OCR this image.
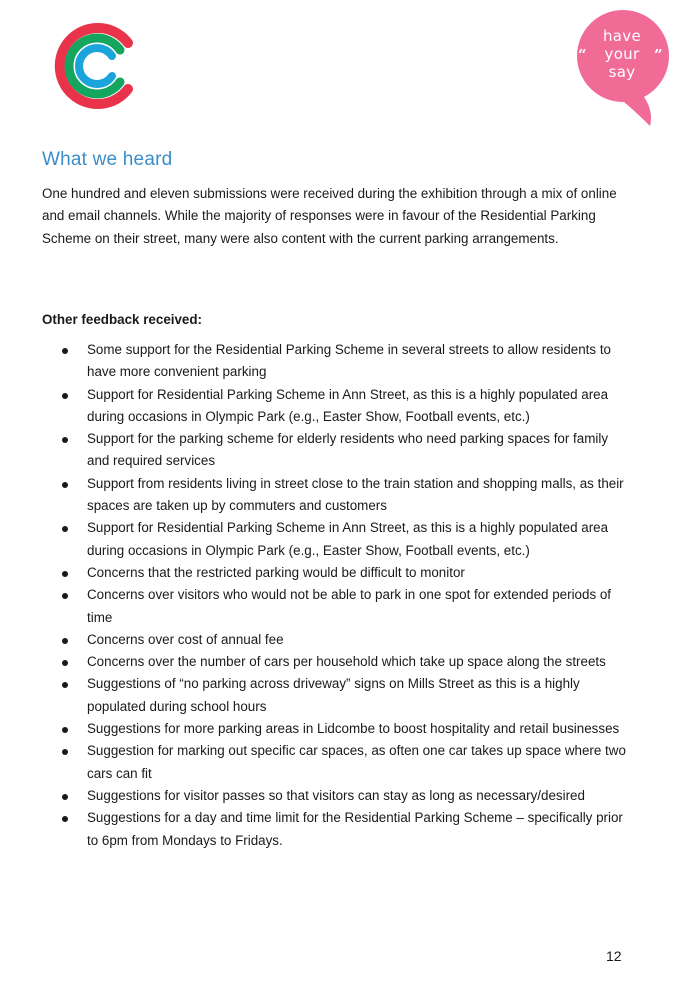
“	”
have
your
say
What we heard

One hundred and eleven submissions were received during the exhibition through a mix of online and email channels. While the majority of responses were in favour of the Residential Parking Scheme on their street, many were also content with the current parking arrangements.

Other feedback received:

Some support for the Residential Parking Scheme in several streets to allow residents to have more convenient parking
Support for Residential Parking Scheme in Ann Street, as this is a highly populated area during occasions in Olympic Park (e.g., Easter Show, Football events, etc.)
Support for the parking scheme for elderly residents who need parking spaces for family and required services
Support from residents living in street close to the train station and shopping malls, as their spaces are taken up by commuters and customers
Support for Residential Parking Scheme in Ann Street, as this is a highly populated area during occasions in Olympic Park (e.g., Easter Show, Football events, etc.)
Concerns that the restricted parking would be difficult to monitor
Concerns over visitors who would not be able to park in one spot for extended periods of time
Concerns over cost of annual fee
Concerns over the number of cars per household which take up space along the streets
Suggestions of “no parking across driveway” signs on Mills Street as this is a highly populated during school hours
Suggestions for more parking areas in Lidcombe to boost hospitality and retail businesses
Suggestion for marking out specific car spaces, as often one car takes up space where two cars can fit
Suggestions for visitor passes so that visitors can stay as long as necessary/desired
Suggestions for a day and time limit for the Residential Parking Scheme – specifically prior to 6pm from Mondays to Fridays.
12
